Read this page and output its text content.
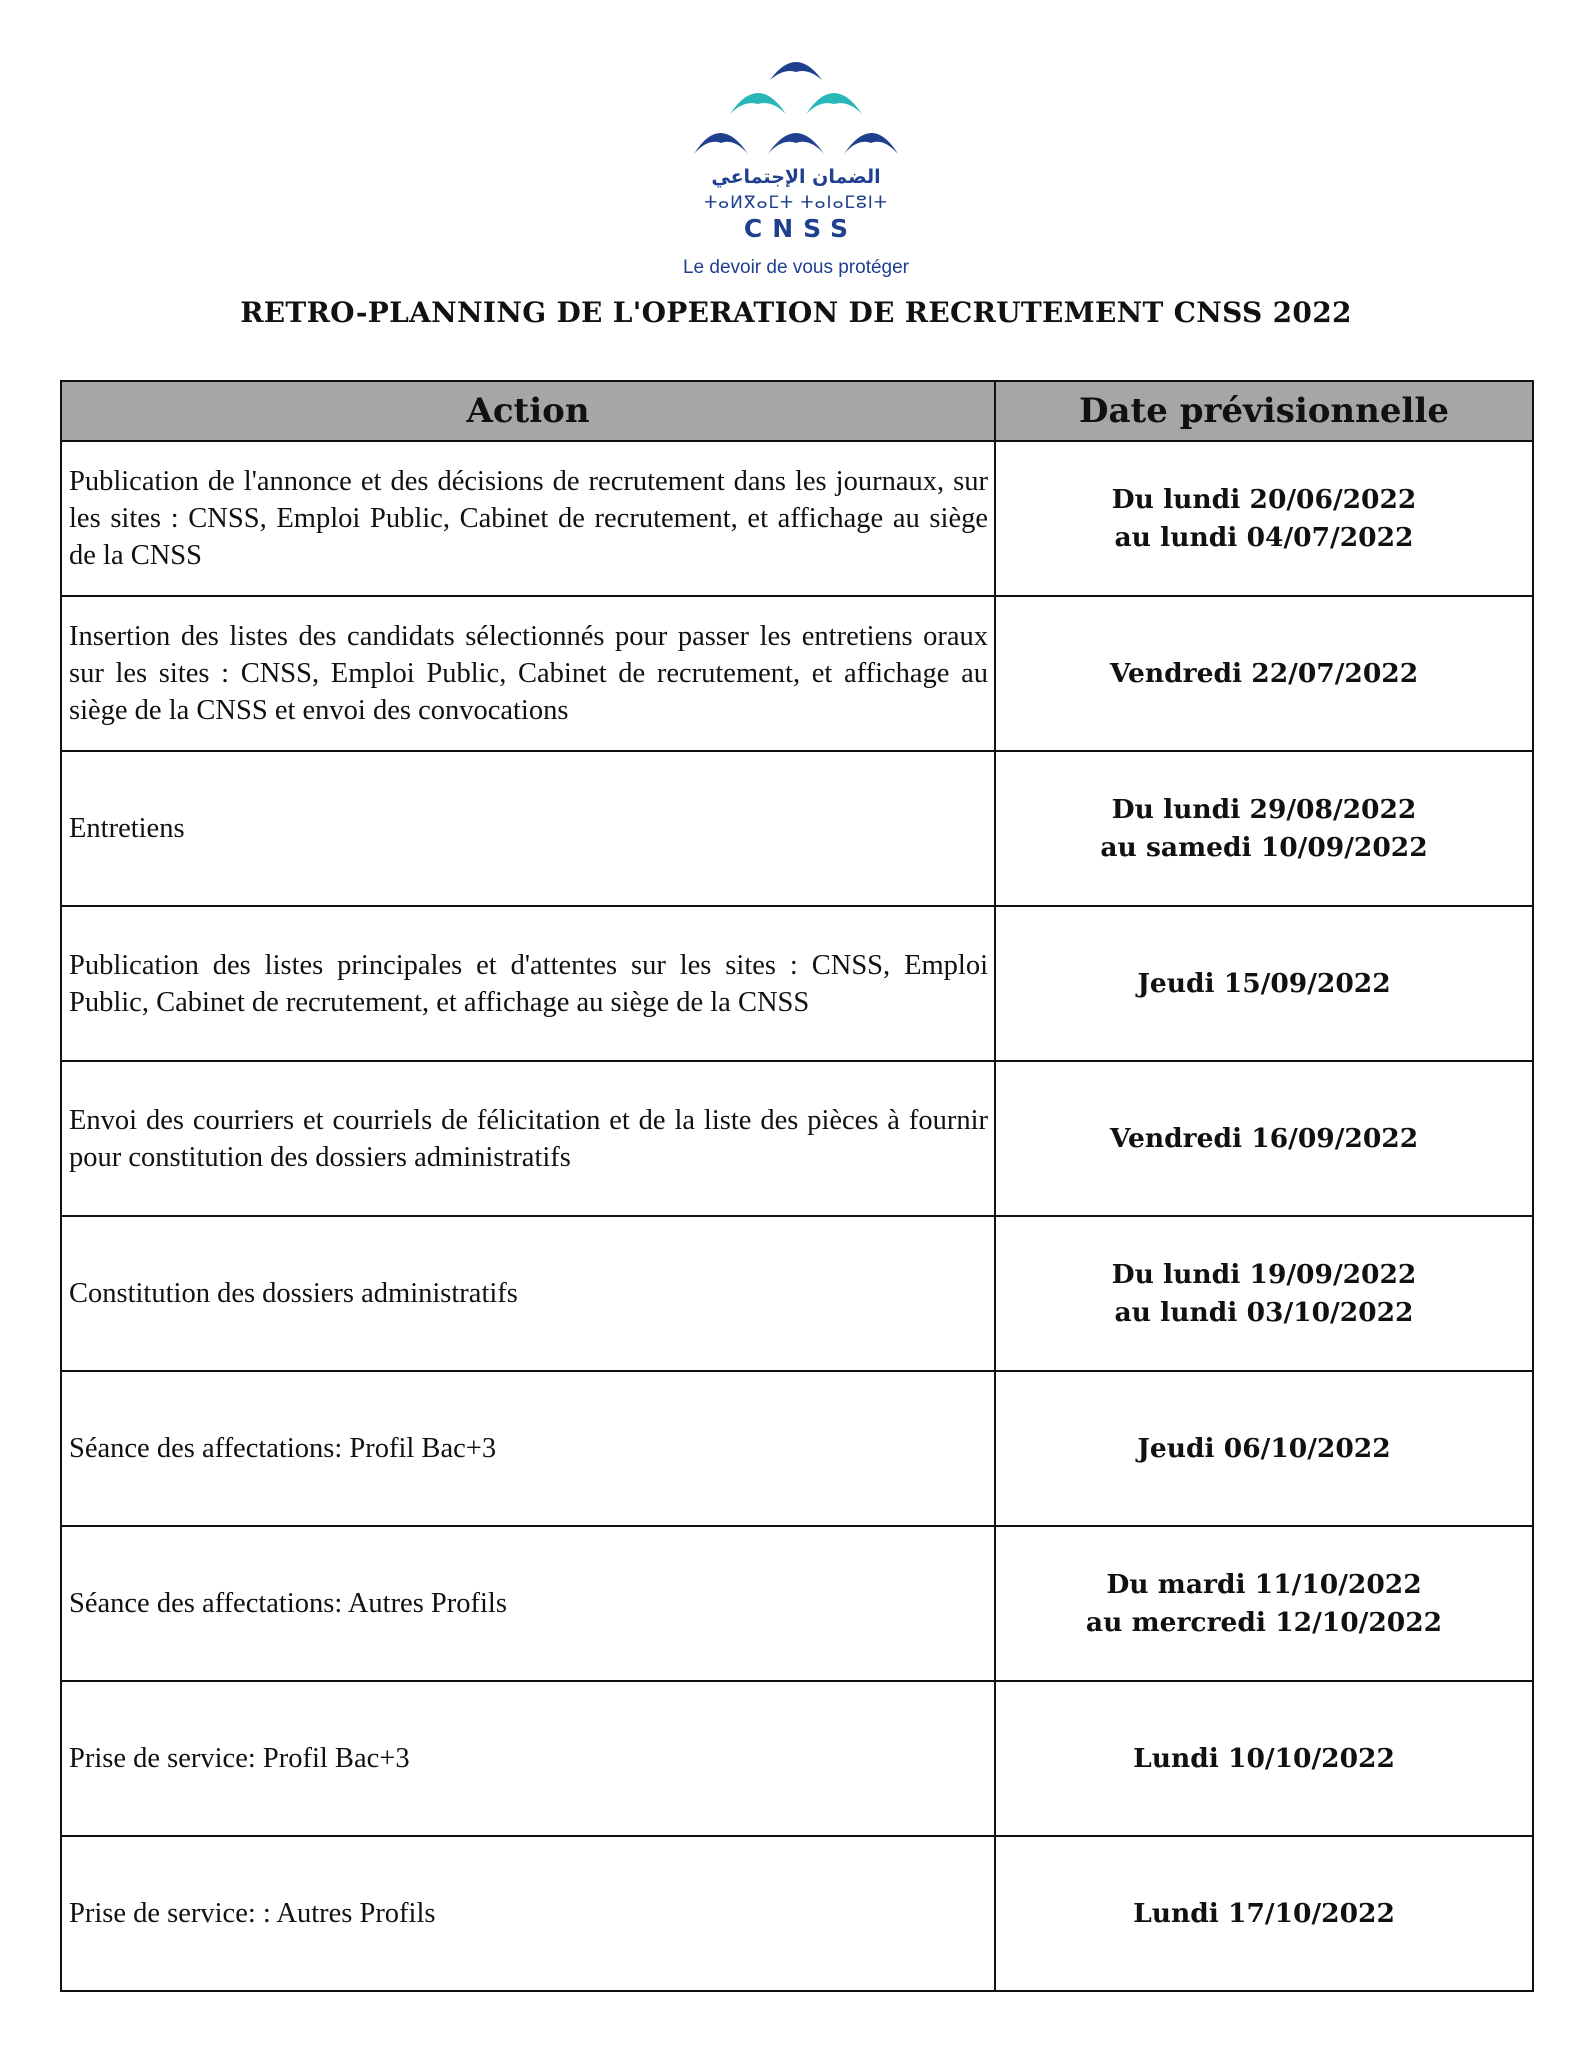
الضمان الإجتماعي
ⵜⴰⵍⴳⴰⵎⵜ ⵜⴰⵏⴰⵎⵓⵏⵜ
CNSS
Le devoir de vous protéger
RETRO-PLANNING DE L'OPERATION DE RECRUTEMENT CNSS 2022
Action	Date prévisionnelle
Publication de l'annonce et des décisions de recrutement dans les journaux, sur les sites : CNSS, Emploi Public, Cabinet de recrutement, et affichage au siège de la CNSS	Du lundi 20/06/2022
au lundi 04/07/2022

Insertion des listes des candidats sélectionnés pour passer les entretiens oraux sur les sites : CNSS, Emploi Public, Cabinet de recrutement, et affichage au siège de la CNSS et envoi des convocations	Vendredi 22/07/2022

Entretiens	Du lundi 29/08/2022
au samedi 10/09/2022

Publication des listes principales et d'attentes sur les sites : CNSS, Emploi Public, Cabinet de recrutement, et affichage au siège de la CNSS	Jeudi 15/09/2022

Envoi des courriers et courriels de félicitation et de la liste des pièces à fournir pour constitution des dossiers administratifs	Vendredi 16/09/2022

Constitution des dossiers administratifs	Du lundi 19/09/2022
au lundi 03/10/2022

Séance des affectations: Profil Bac+3	Jeudi 06/10/2022

Séance des affectations: Autres Profils	Du mardi 11/10/2022
au mercredi 12/10/2022

Prise de service: Profil Bac+3	Lundi 10/10/2022

Prise de service: : Autres Profils	Lundi 17/10/2022
